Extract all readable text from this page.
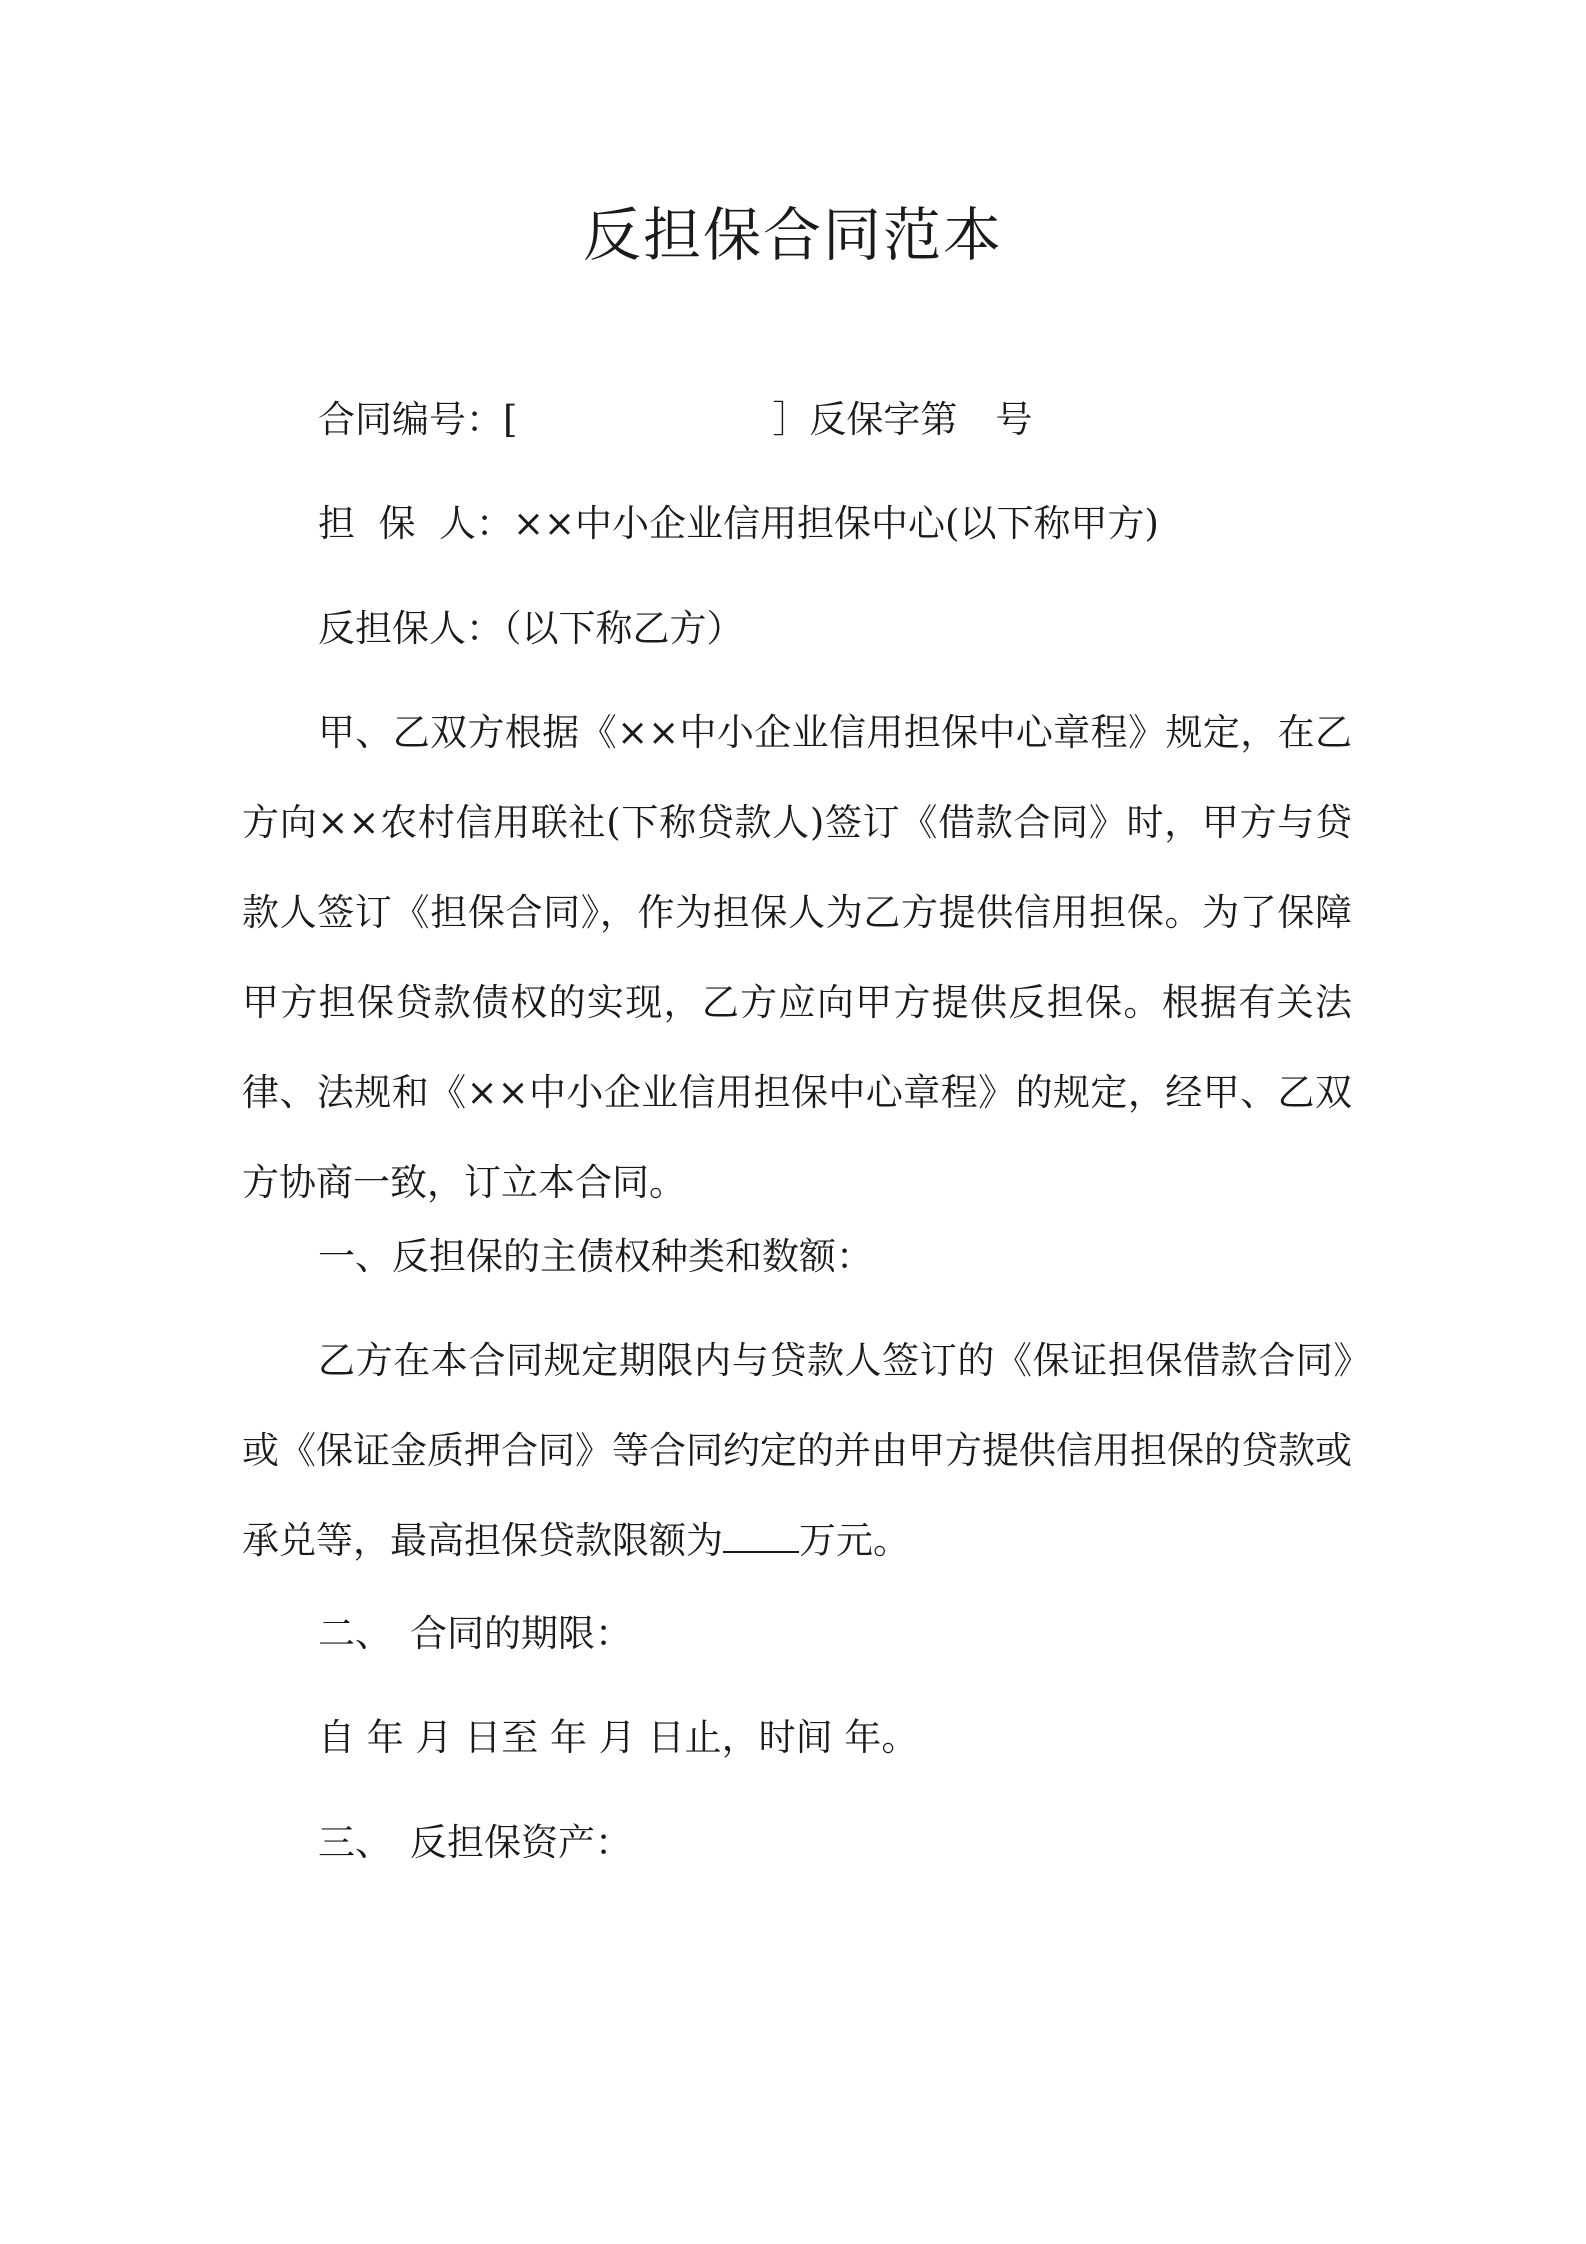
反担保合同范本

合同编号：[	］反保字第 号

担  保  人：××中小企业信用担保中心(以下称甲方)

反担保人：（以下称乙方）

甲、乙双方根据《××中小企业信用担保中心章程》规定，在乙方向××农村信用联社(下称贷款人)签订《借款合同》时，甲方与贷款人签订《担保合同》，作为担保人为乙方提供信用担保。为了保障甲方担保贷款债权的实现，乙方应向甲方提供反担保。根据有关法律、法规和《××中小企业信用担保中心章程》的规定，经甲、乙双方协商一致，订立本合同。

一、反担保的主债权种类和数额：

乙方在本合同规定期限内与贷款人签订的《保证担保借款合同》或《保证金质押合同》等合同约定的并由甲方提供信用担保的贷款或承兑等，最高担保贷款限额为 万元。

二、 合同的期限：

自 年 月 日至 年 月 日止，时间 年。

三、 反担保资产：
